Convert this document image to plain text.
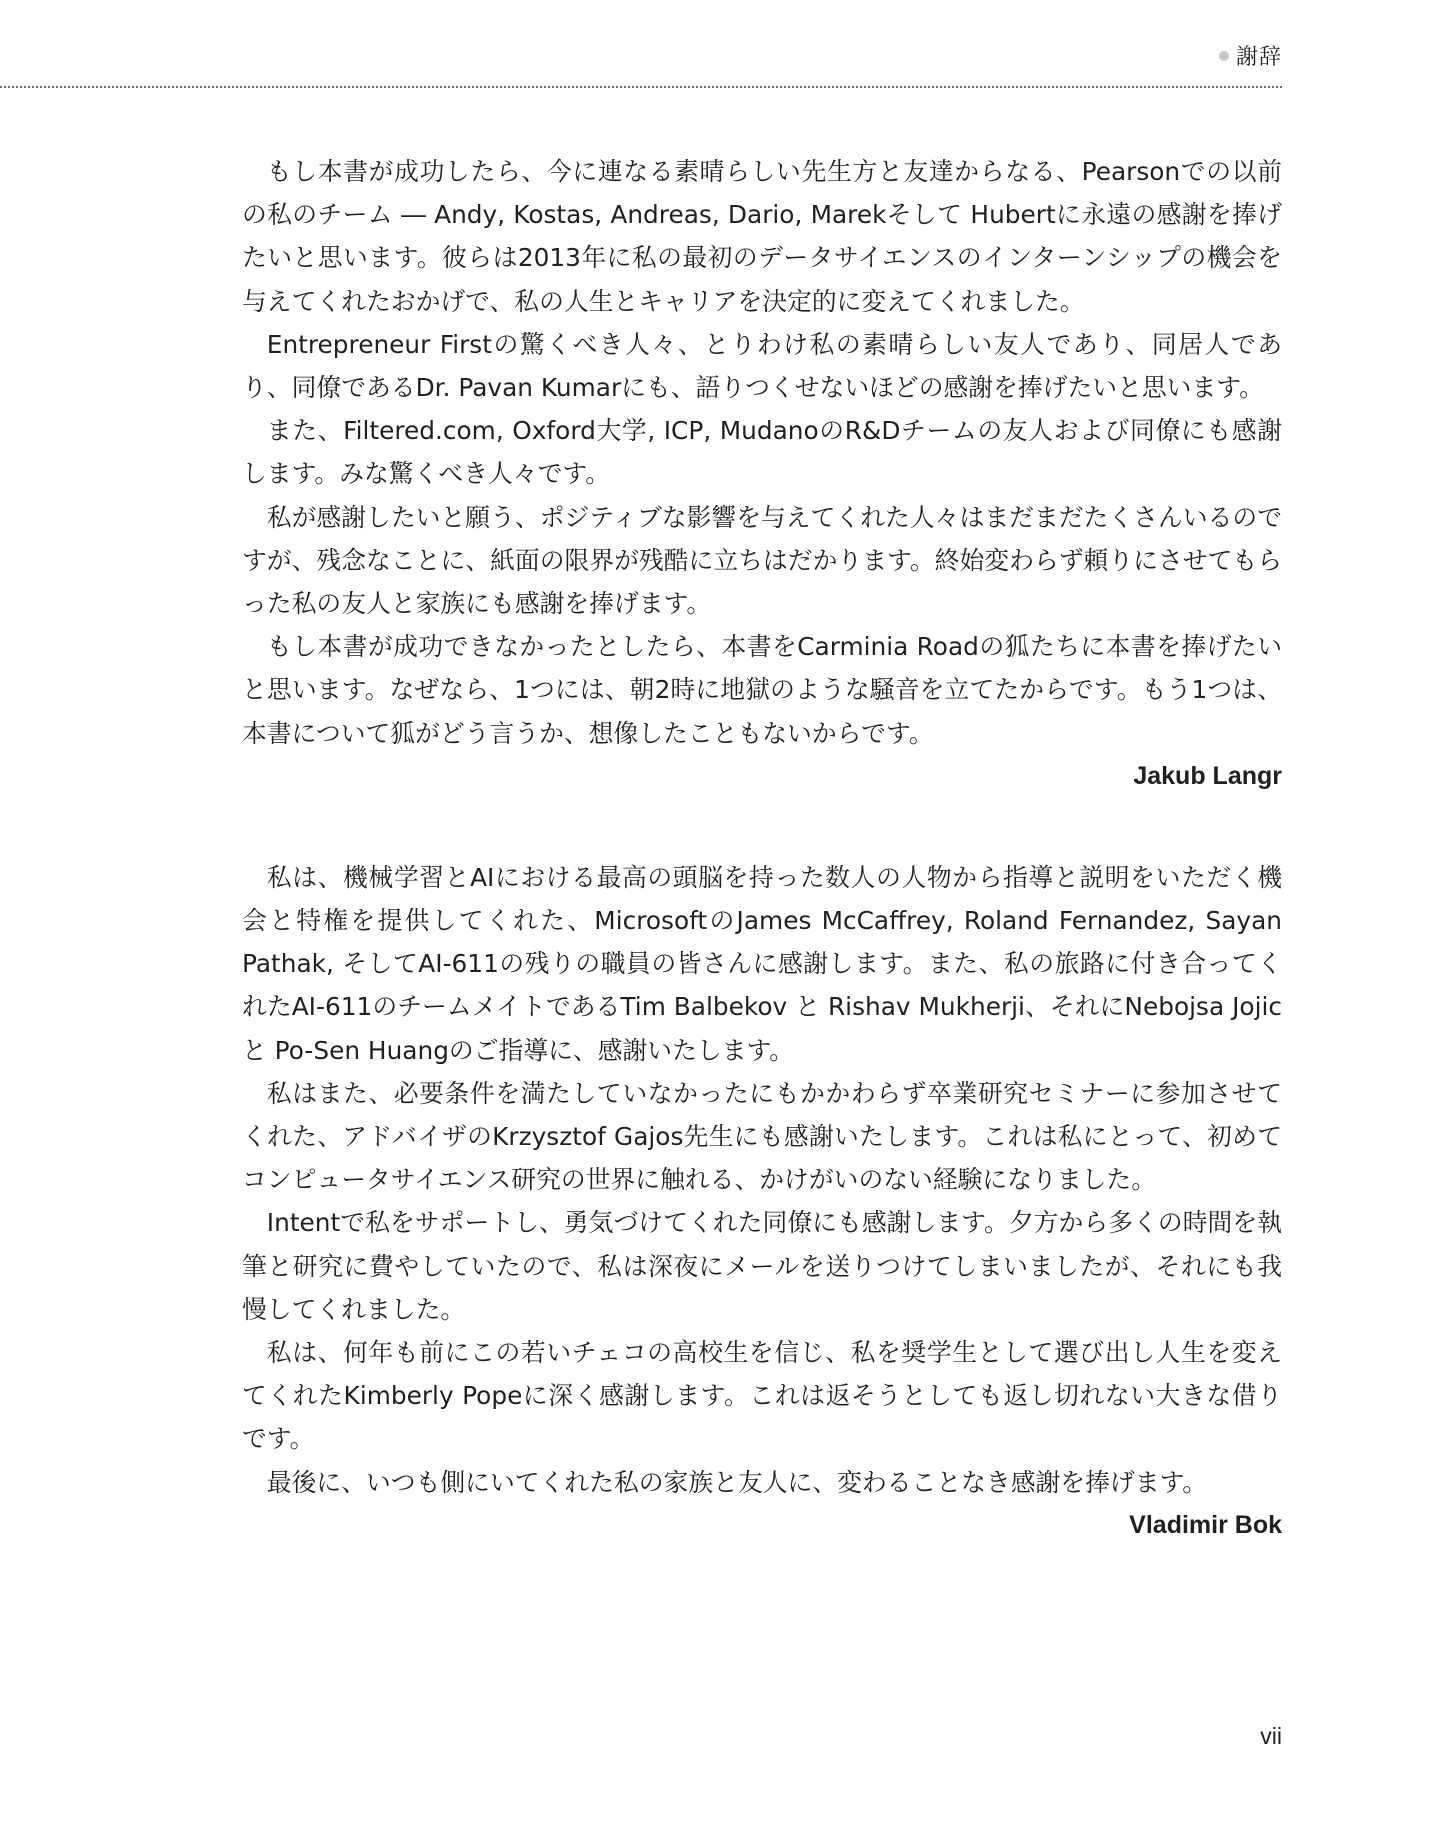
謝辞

もし本書が成功したら、今に連なる素晴らしい先生方と友達からなる、Pearsonでの以前の私のチーム ― Andy, Kostas, Andreas, Dario, Marekそして Hubertに永遠の感謝を捧げたいと思います。彼らは2013年に私の最初のデータサイエンスのインターンシップの機会を与えてくれたおかげで、私の人生とキャリアを決定的に変えてくれました。

Entrepreneur Firstの驚くべき人々、とりわけ私の素晴らしい友人であり、同居人であり、同僚であるDr. Pavan Kumarにも、語りつくせないほどの感謝を捧げたいと思います。

また、Filtered.com, Oxford大学, ICP, MudanoのR&Dチームの友人および同僚にも感謝します。みな驚くべき人々です。

私が感謝したいと願う、ポジティブな影響を与えてくれた人々はまだまだたくさんいるのですが、残念なことに、紙面の限界が残酷に立ちはだかります。終始変わらず頼りにさせてもらった私の友人と家族にも感謝を捧げます。

もし本書が成功できなかったとしたら、本書をCarminia Roadの狐たちに本書を捧げたいと思います。なぜなら、1つには、朝2時に地獄のような騒音を立てたからです。もう1つは、本書について狐がどう言うか、想像したこともないからです。

Jakub Langr

私は、機械学習とAIにおける最高の頭脳を持った数人の人物から指導と説明をいただく機会と特権を提供してくれた、MicrosoftのJames McCaffrey, Roland Fernandez, Sayan Pathak, そしてAI-611の残りの職員の皆さんに感謝します。また、私の旅路に付き合ってくれたAI-611のチームメイトであるTim Balbekov と Rishav Mukherji、それにNebojsa Jojic と Po-Sen Huangのご指導に、感謝いたします。

私はまた、必要条件を満たしていなかったにもかかわらず卒業研究セミナーに参加させてくれた、アドバイザのKrzysztof Gajos先生にも感謝いたします。これは私にとって、初めてコンピュータサイエンス研究の世界に触れる、かけがいのない経験になりました。

Intentで私をサポートし、勇気づけてくれた同僚にも感謝します。夕方から多くの時間を執筆と研究に費やしていたので、私は深夜にメールを送りつけてしまいましたが、それにも我慢してくれました。

私は、何年も前にこの若いチェコの高校生を信じ、私を奨学生として選び出し人生を変えてくれたKimberly Popeに深く感謝します。これは返そうとしても返し切れない大きな借りです。

最後に、いつも側にいてくれた私の家族と友人に、変わることなき感謝を捧げます。

Vladimir Bok

vii
